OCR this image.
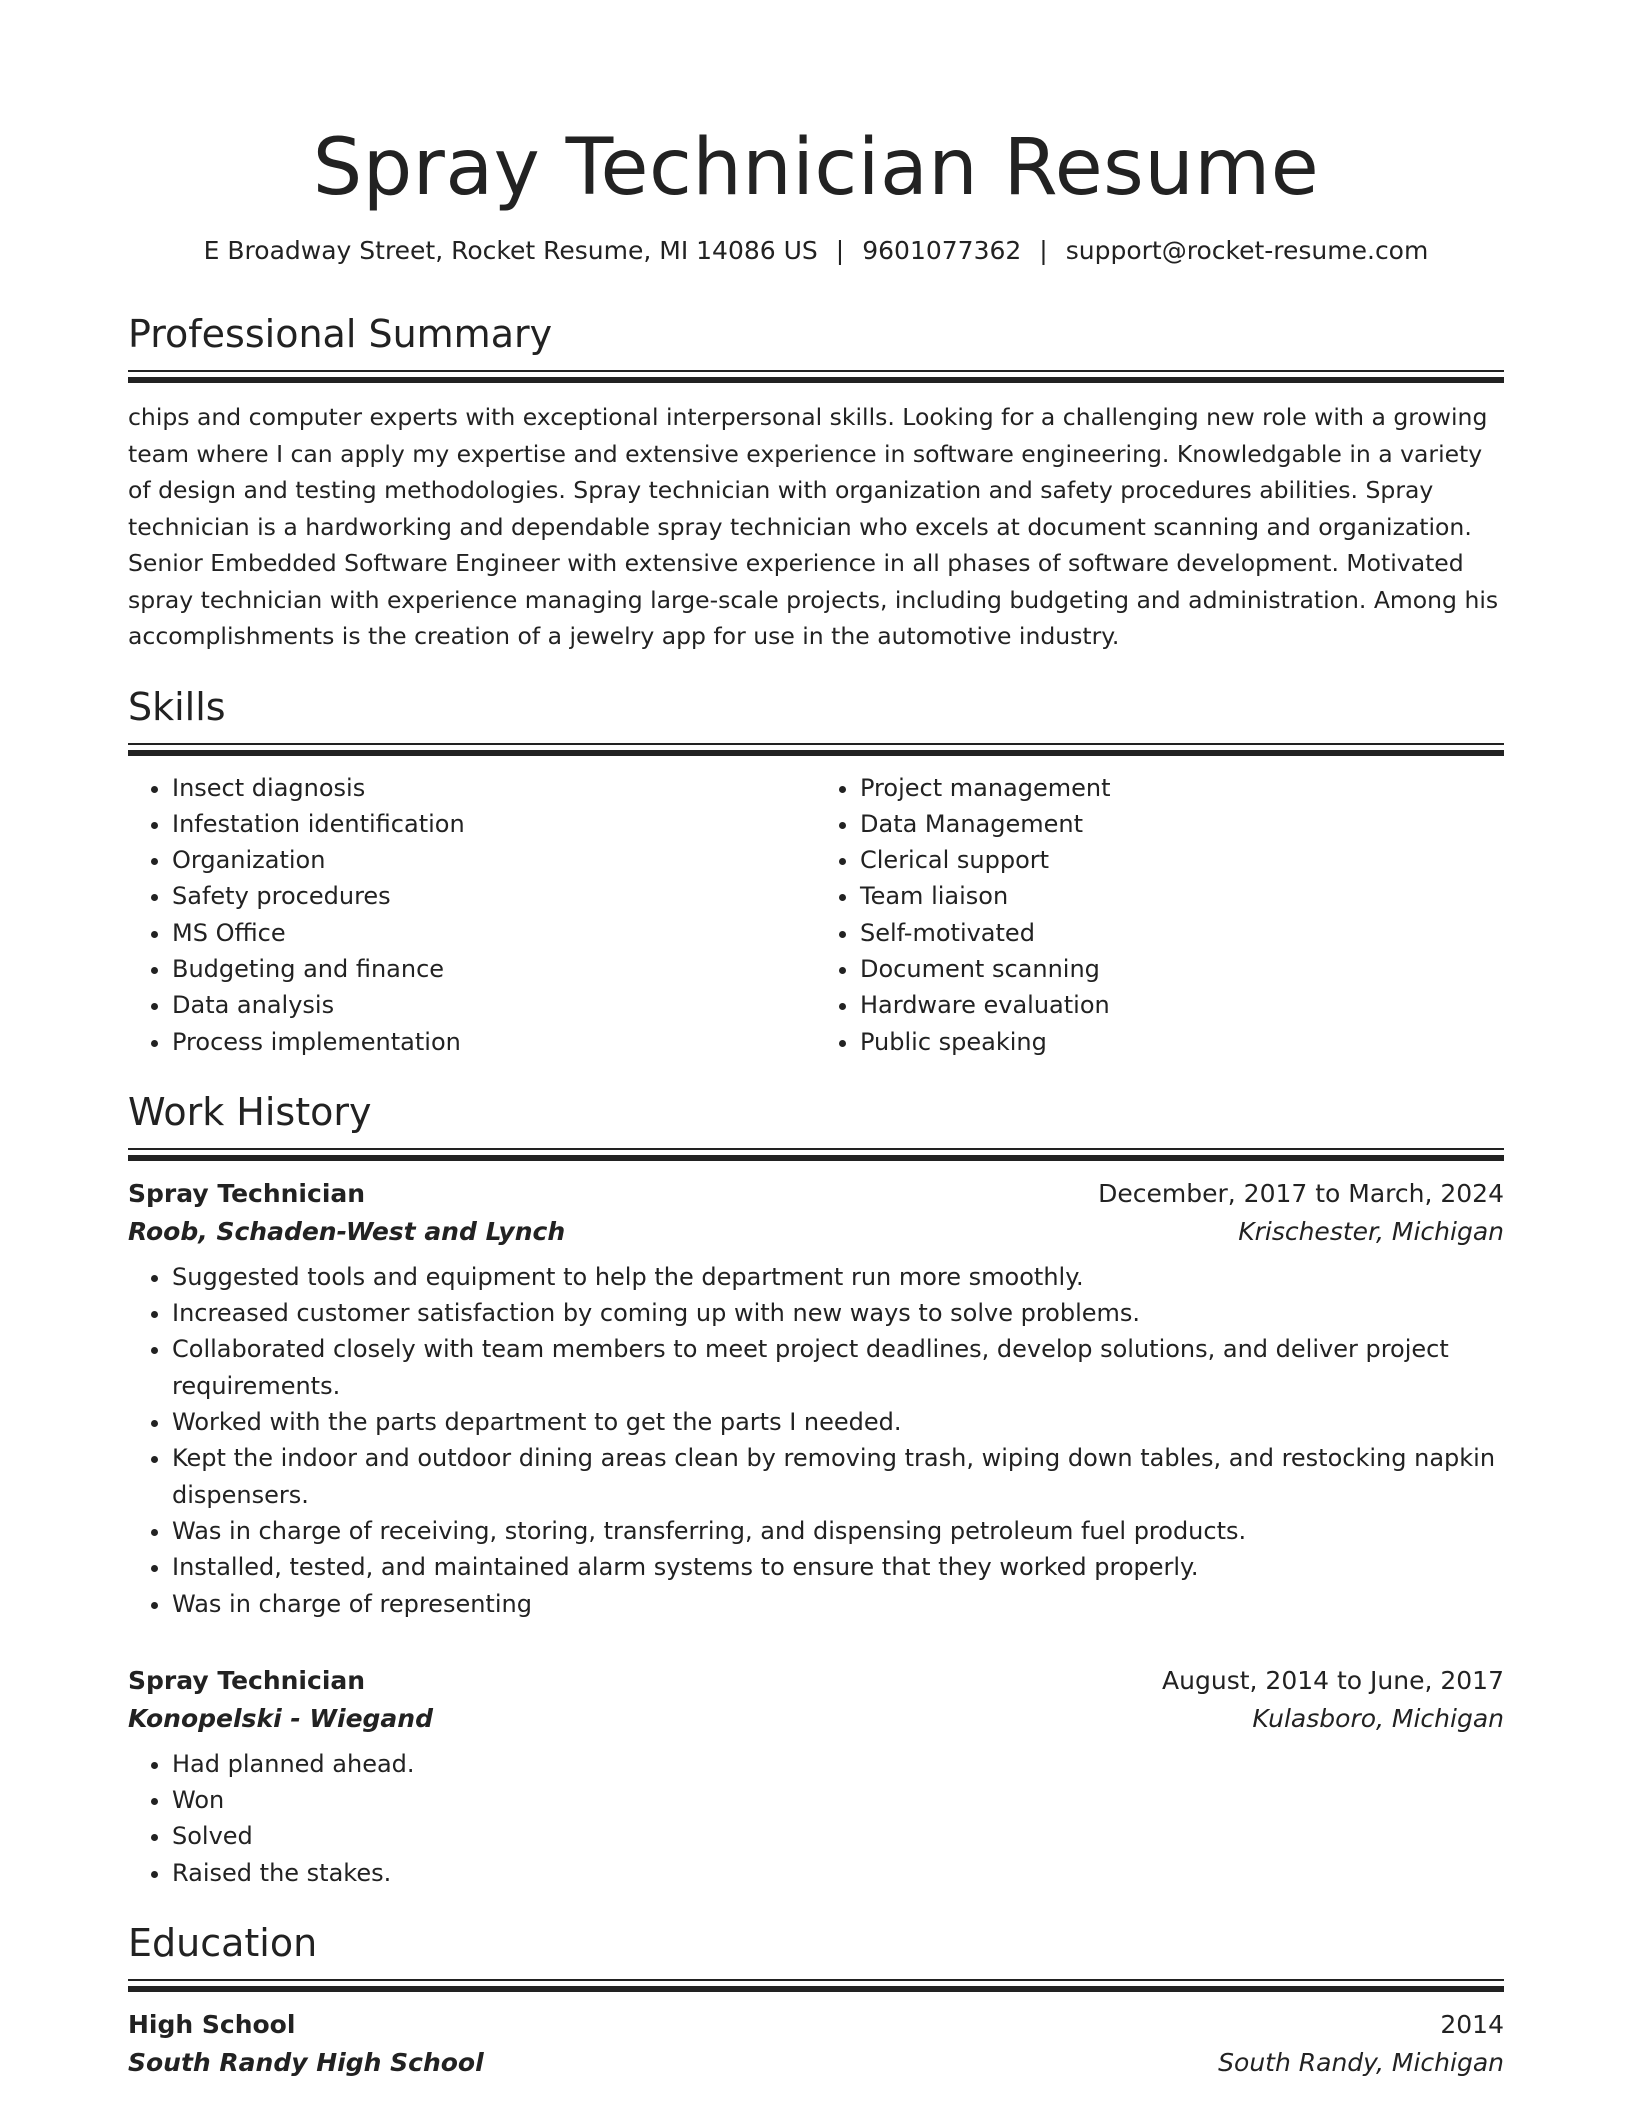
Spray Technician Resume
E Broadway Street, Rocket Resume, MI 14086 US | 9601077362 | support@rocket-resume.com
Professional Summary
chips and computer experts with exceptional interpersonal skills. Looking for a challenging new role with a growing team where I can apply my expertise and extensive experience in software engineering. Knowledgable in a variety of design and testing methodologies. Spray technician with organization and safety procedures abilities. Spray technician is a hardworking and dependable spray technician who excels at document scanning and organization. Senior Embedded Software Engineer with extensive experience in all phases of software development. Motivated spray technician with experience managing large-scale projects, including budgeting and administration. Among his accomplishments is the creation of a jewelry app for use in the automotive industry.
Skills
• Insect diagnosis
• Infestation identification
• Organization
• Safety procedures
• MS Office
• Budgeting and finance
• Data analysis
• Process implementation
• Project management
• Data Management
• Clerical support
• Team liaison
• Self-motivated
• Document scanning
• Hardware evaluation
• Public speaking
Work History
Spray Technician	December, 2017 to March, 2024
Roob, Schaden-West and Lynch	Krischester, Michigan
• Suggested tools and equipment to help the department run more smoothly.
• Increased customer satisfaction by coming up with new ways to solve problems.
• Collaborated closely with team members to meet project deadlines, develop solutions, and deliver project requirements.
• Worked with the parts department to get the parts I needed.
• Kept the indoor and outdoor dining areas clean by removing trash, wiping down tables, and restocking napkin dispensers.
• Was in charge of receiving, storing, transferring, and dispensing petroleum fuel products.
• Installed, tested, and maintained alarm systems to ensure that they worked properly.
• Was in charge of representing
Spray Technician	August, 2014 to June, 2017
Konopelski - Wiegand	Kulasboro, Michigan
• Had planned ahead.
• Won
• Solved
• Raised the stakes.
Education
High School	2014
South Randy High School	South Randy, Michigan
